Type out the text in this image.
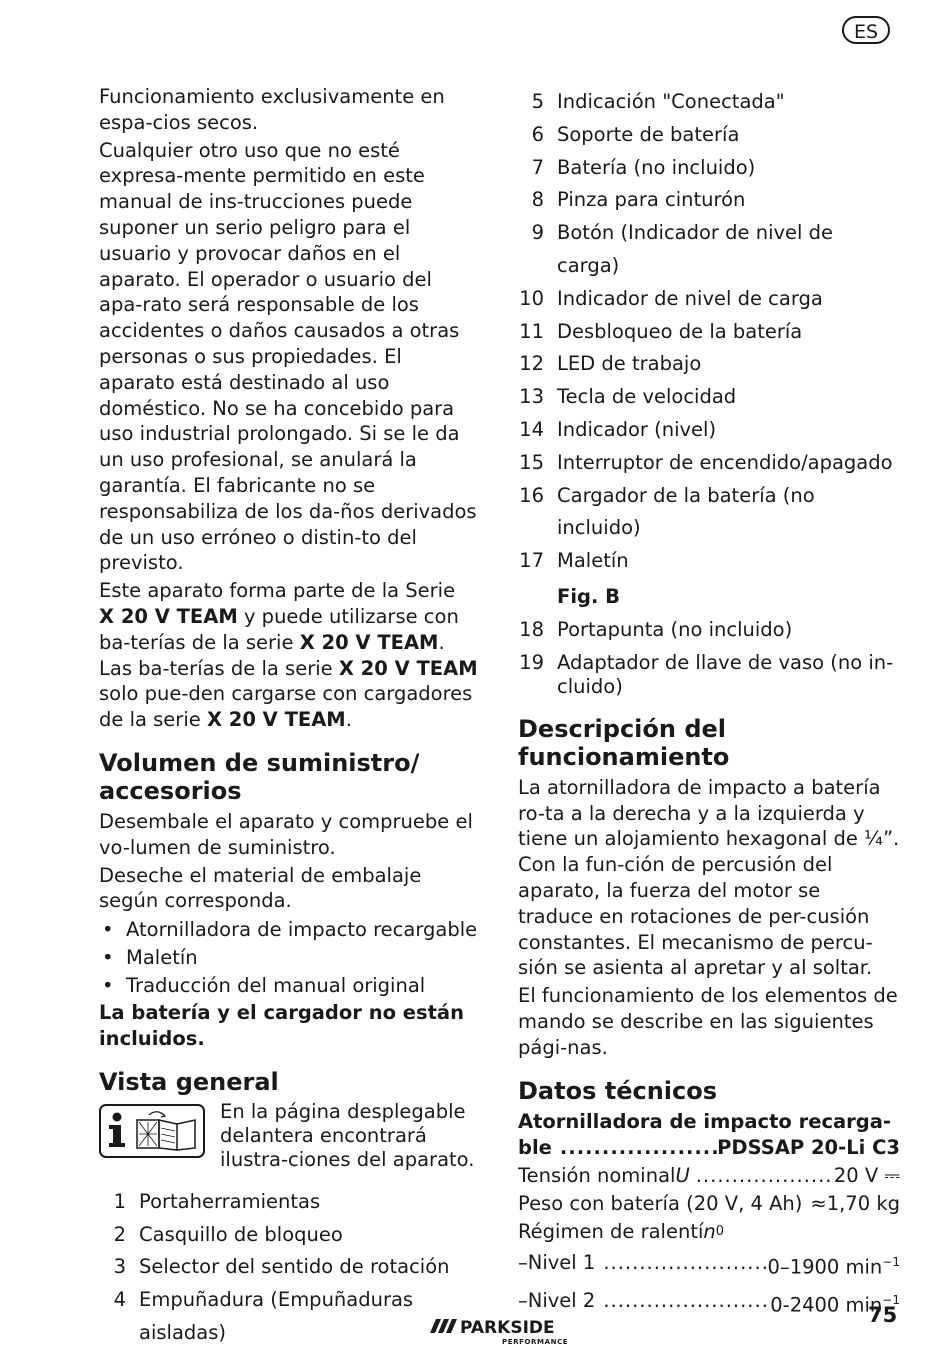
ES

Funcionamiento exclusivamente en espa-cios secos.

Cualquier otro uso que no esté expresa-mente permitido en este manual de ins-trucciones puede suponer un serio peligro para el usuario y provocar daños en el aparato. El operador o usuario del apa-rato será responsable de los accidentes o daños causados a otras personas o sus propiedades. El aparato está destinado al uso doméstico. No se ha concebido para uso industrial prolongado. Si se le da un uso profesional, se anulará la garantía. El fabricante no se responsabiliza de los da-ños derivados de un uso erróneo o distin-to del previsto.

Este aparato forma parte de la Serie
X 20 V TEAM y puede utilizarse con ba-terías de la serie X 20 V TEAM. Las ba-terías de la serie X 20 V TEAM solo pue-den cargarse con cargadores de la serie X 20 V TEAM.

Volumen de suministro/ accesorios

Desembale el aparato y compruebe el vo-lumen de suministro.

Deseche el material de embalaje según corresponda.

• Atornilladora de impacto recargable
• Maletín
• Traducción del manual original

La batería y el cargador no están incluidos.

Vista general
En la página desplegable delantera encontrará ilustra-ciones del aparato.
1 Portaherramientas
2 Casquillo de bloqueo
3 Selector del sentido de rotación
4 Empuñadura (Empuñaduras aisladas)
5 Indicación "Conectada"
6 Soporte de batería
7 Batería (no incluido)
8 Pinza para cinturón
9 Botón (Indicador de nivel de carga)
10 Indicador de nivel de carga
11 Desbloqueo de la batería
12 LED de trabajo
13 Tecla de velocidad
14 Indicador (nivel)
15 Interruptor de encendido/apagado
16 Cargador de la batería (no incluido)
17 Maletín
Fig. B
18 Portapunta (no incluido)
19 Adaptador de llave de vaso (no in-cluido)
Descripción del funcionamiento

La atornilladora de impacto a batería ro-ta a la derecha y a la izquierda y tiene un alojamiento hexagonal de ¼”. Con la fun-ción de percusión del aparato, la fuerza del motor se traduce en rotaciones de per-cusión constantes. El mecanismo de percu-sión se asienta al apretar y al soltar.

El funcionamiento de los elementos de mando se describe en las siguientes pági-nas.

Datos técnicos
Atornilladora de impacto recarga-
ble .....	PDSSAP 20-Li C3
Tensión nominal U .....	20 V ⎓
Peso con batería (20 V, 4 Ah) ..... ≈1,70 kg
Régimen de ralentí n 0
–Nivel 1 .....	0–1900 $\min^{-1}$
–Nivel 2 .....	0-2400 $\min^{-1}$
PARKSIDE
PERFORMANCE
75
